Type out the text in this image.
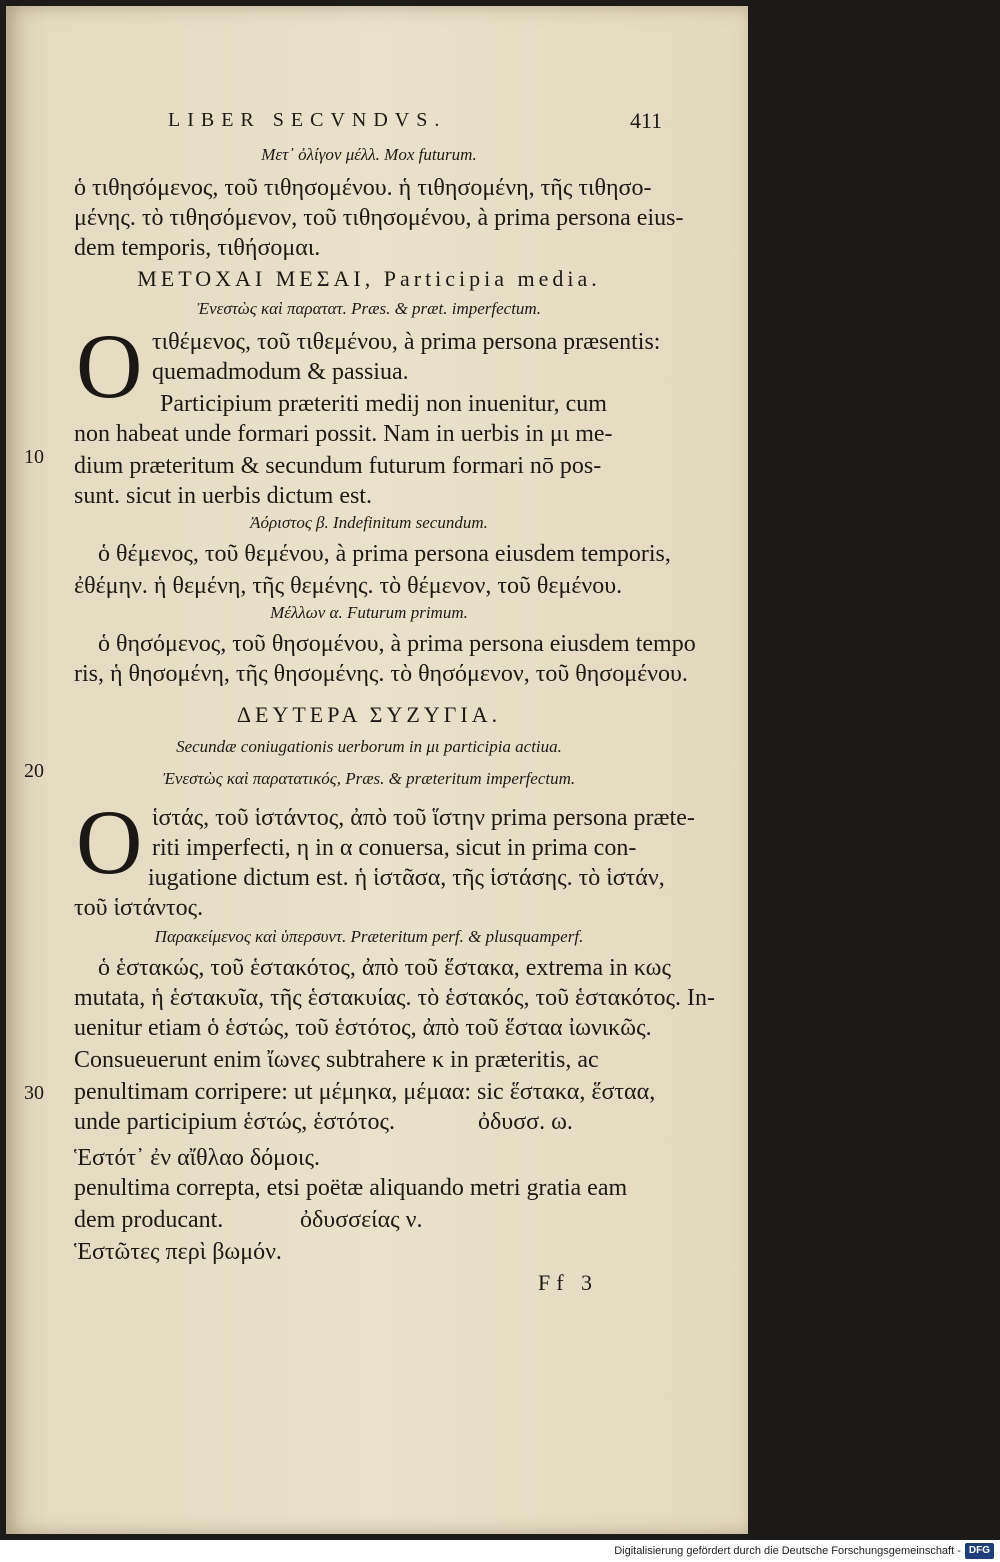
LIBER SECVNDVS.	411
Μετ᾽ ὀλίγον μέλλ. Mox futurum.
ὁ τιθησόμενος, τοῦ τιθησομένου. ἡ τιθησομένη, τῆς τιθησο-
μένης. τὸ τιθησόμενον, τοῦ τιθησομένου, à prima persona eius-
dem temporis, τιθήσομαι.
ΜΕΤΟΧΑΙ ΜΕΣΑΙ, Participia media.
Ἐνεστὼς καὶ παρατατ. Præs. & præt. imperfectum.
O τιθέμενος, τοῦ τιθεμένου, à prima persona præsentis:
quemadmodum & passiua.
Participium præteriti medij non inuenitur, cum
non habeat unde formari possit. Nam in uerbis in μι me-
10 dium præteritum & secundum futurum formari nō pos-
sunt. sicut in uerbis dictum est.
Ἀόριστος β. Indefinitum secundum.
ὁ θέμενος, τοῦ θεμένου, à prima persona eiusdem temporis,
ἐθέμην. ἡ θεμένη, τῆς θεμένης. τὸ θέμενον, τοῦ θεμένου.
Μέλλων α. Futurum primum.
ὁ θησόμενος, τοῦ θησομένου, à prima persona eiusdem tempo
ris, ἡ θησομένη, τῆς θησομένης. τὸ θησόμενον, τοῦ θησομένου.
ΔΕΥΤΕΡΑ ΣΥΖΥΓΙΑ.
Secundæ coniugationis uerborum in μι participia actiua.
20	Ἐνεστὼς καὶ παρατατικός, Præs. & præteritum imperfectum.
O ἱστάς, τοῦ ἱστάντος, ἀπὸ τοῦ ἵστην prima persona præte-
riti imperfecti, η in α conuersa, sicut in prima con-
iugatione dictum est. ἡ ἱστᾶσα, τῆς ἱστάσης. τὸ ἱστάν,
τοῦ ἱστάντος.
Παρακείμενος καὶ ὑπερσυντ. Præteritum perf. & plusquamperf.
ὁ ἑστακώς, τοῦ ἑστακότος, ἀπὸ τοῦ ἕστακα, extrema in κως
mutata, ἡ ἑστακυῖα, τῆς ἑστακυίας. τὸ ἑστακός, τοῦ ἑστακότος. In-
uenitur etiam ὁ ἑστώς, τοῦ ἑστότος, ἀπὸ τοῦ ἕσταα ἰωνικῶς.
Consueuerunt enim ἴωνες subtrahere κ in præteritis, ac
30 penultimam corripere: ut μέμηκα, μέμαα: sic ἕστακα, ἕσταα,
unde participium ἑστώς, ἑστότος.	ὀδυσσ. ω.
Ἑστότ᾽ ἐν αἴθλαο δόμοις.
penultima correpta, etsi poëtæ aliquando metri gratia eam
dem producant.	ὀδυσσείας ν.
Ἑστῶτες περὶ βωμόν.
Ff 3
Digitalisierung gefördert durch die Deutsche Forschungsgemeinschaft - DFG
